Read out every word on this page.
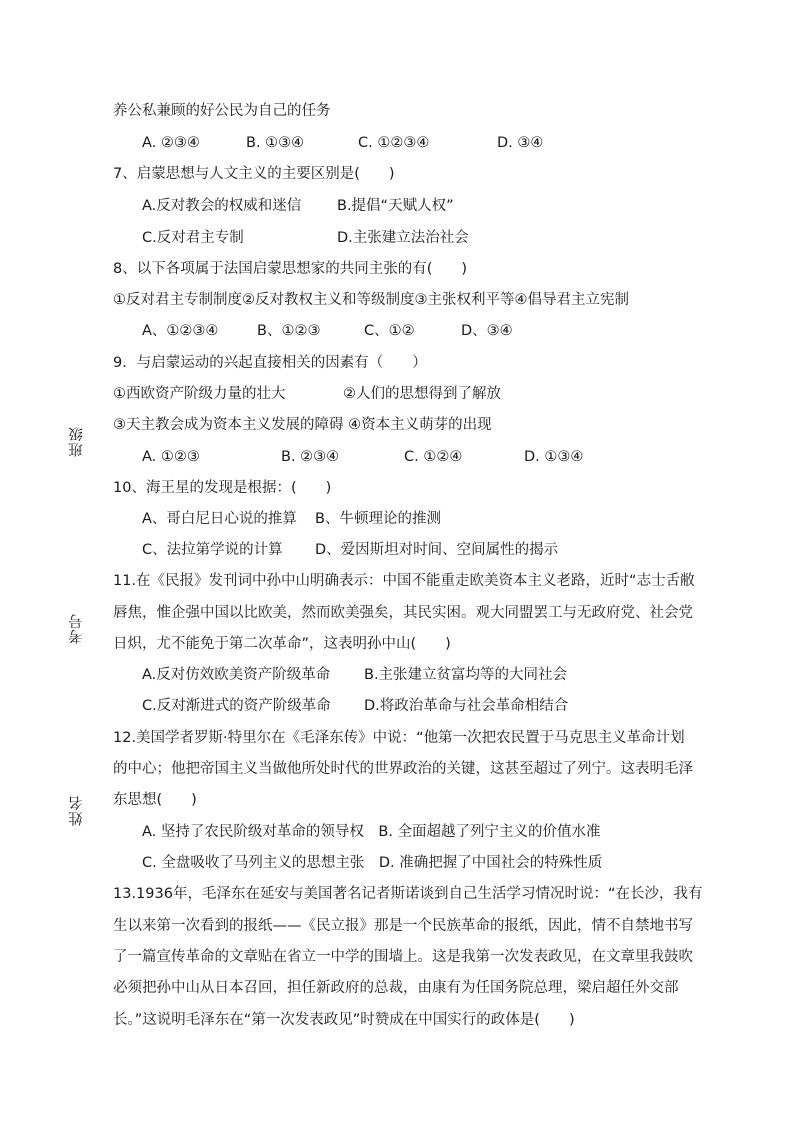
班级
考号
姓名
养公私兼顾的好公民为自己的任务
A. ②③④	B. ①③④	C. ①②③④	D. ③④
7、启蒙思想与人文主义的主要区别是(　　)
A.反对教会的权威和迷信 B.提倡“天赋人权”
C.反对君主专制	D.主张建立法治社会
8、以下各项属于法国启蒙思想家的共同主张的有(　　)
①反对君主专制制度②反对教权主义和等级制度③主张权利平等④倡导君主立宪制
A、①②③④	B、①②③	C、①②	D、③④
9．与启蒙运动的兴起直接相关的因素有（　　）
①西欧资产阶级力量的壮大	②人们的思想得到了解放
③天主教会成为资本主义发展的障碍 ④资本主义萌芽的出现
A. ①②③	B. ②③④	C. ①②④	D. ①③④
10、海王星的发现是根据：(　　)
A、哥白尼日心说的推算 B、牛顿理论的推测
C、法拉第学说的计算 D、爱因斯坦对时间、空间属性的揭示
11.在《民报》发刊词中孙中山明确表示：中国不能重走欧美资本主义老路，近时“志士舌敝
唇焦，惟企强中国以比欧美，然而欧美强矣，其民实困。观大同盟罢工与无政府党、社会党
日炽，尤不能免于第二次革命”，这表明孙中山(　　)
A.反对仿效欧美资产阶级革命 B.主张建立贫富均等的大同社会
C.反对渐进式的资产阶级革命 D.将政治革命与社会革命相结合
12.美国学者罗斯·特里尔在《毛泽东传》中说：“他第一次把农民置于马克思主义革命计划
的中心；他把帝国主义当做他所处时代的世界政治的关键，这甚至超过了列宁。这表明毛泽
东思想(　　)
A. 坚持了农民阶级对革命的领导权　B. 全面超越了列宁主义的价值水准
C. 全盘吸收了马列主义的思想主张　D. 准确把握了中国社会的特殊性质
13.1936年，毛泽东在延安与美国著名记者斯诺谈到自己生活学习情况时说：“在长沙，我有
生以来第一次看到的报纸——《民立报》那是一个民族革命的报纸，因此，情不自禁地书写
了一篇宣传革命的文章贴在省立一中学的围墙上。这是我第一次发表政见，在文章里我鼓吹
必须把孙中山从日本召回，担任新政府的总裁，由康有为任国务院总理，梁启超任外交部
长。”这说明毛泽东在“第一次发表政见”时赞成在中国实行的政体是(　　)
